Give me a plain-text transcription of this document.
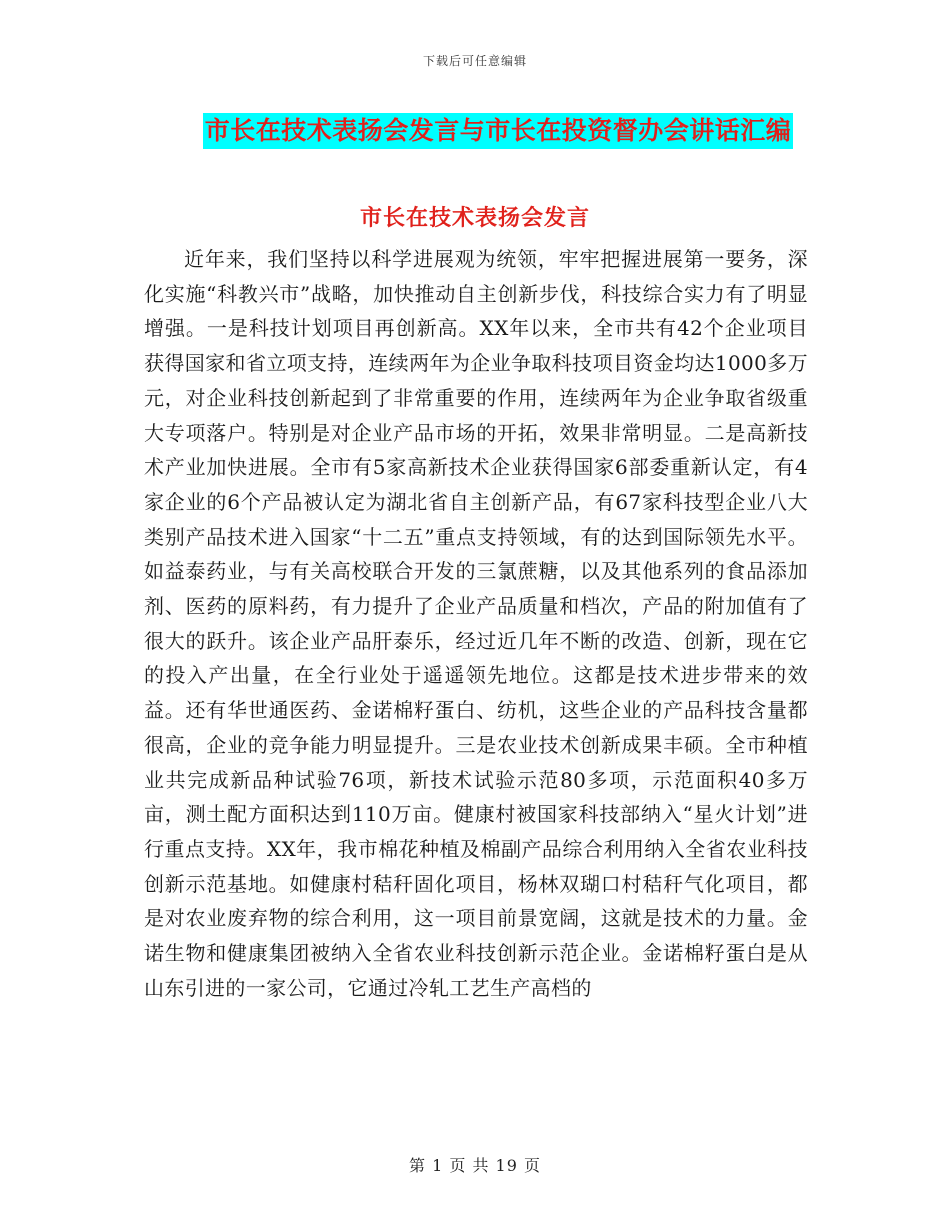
下载后可任意编辑
市长在技术表扬会发言与市长在投资督办会讲话汇编
市长在技术表扬会发言

近年来，我们坚持以科学进展观为统领，牢牢把握进展第一要务，深化实施“科教兴市”战略，加快推动自主创新步伐，科技综合实力有了明显增强。一是科技计划项目再创新高。XX年以来，全市共有42个企业项目获得国家和省立项支持，连续两年为企业争取科技项目资金均达1000多万元，对企业科技创新起到了非常重要的作用，连续两年为企业争取省级重大专项落户。特别是对企业产品市场的开拓，效果非常明显。二是高新技术产业加快进展。全市有5家高新技术企业获得国家6部委重新认定，有4家企业的6个产品被认定为湖北省自主创新产品，有67家科技型企业八大类别产品技术进入国家“十二五”重点支持领域，有的达到国际领先水平。如益泰药业，与有关高校联合开发的三氯蔗糖，以及其他系列的食品添加剂、医药的原料药，有力提升了企业产品质量和档次，产品的附加值有了很大的跃升。该企业产品肝泰乐，经过近几年不断的改造、创新，现在它的投入产出量，在全行业处于遥遥领先地位。这都是技术进步带来的效益。还有华世通医药、金诺棉籽蛋白、纺机，这些企业的产品科技含量都很高，企业的竞争能力明显提升。三是农业技术创新成果丰硕。全市种植业共完成新品种试验76项，新技术试验示范80多项，示范面积40多万亩，测土配方面积达到110万亩。健康村被国家科技部纳入“星火计划”进行重点支持。XX年，我市棉花种植及棉副产品综合利用纳入全省农业科技创新示范基地。如健康村秸秆固化项目，杨林双瑚口村秸秆气化项目，都是对农业废弃物的综合利用，这一项目前景宽阔，这就是技术的力量。金诺生物和健康集团被纳入全省农业科技创新示范企业。金诺棉籽蛋白是从山东引进的一家公司，它通过冷轧工艺生产高档的

第 1 页 共 19 页
